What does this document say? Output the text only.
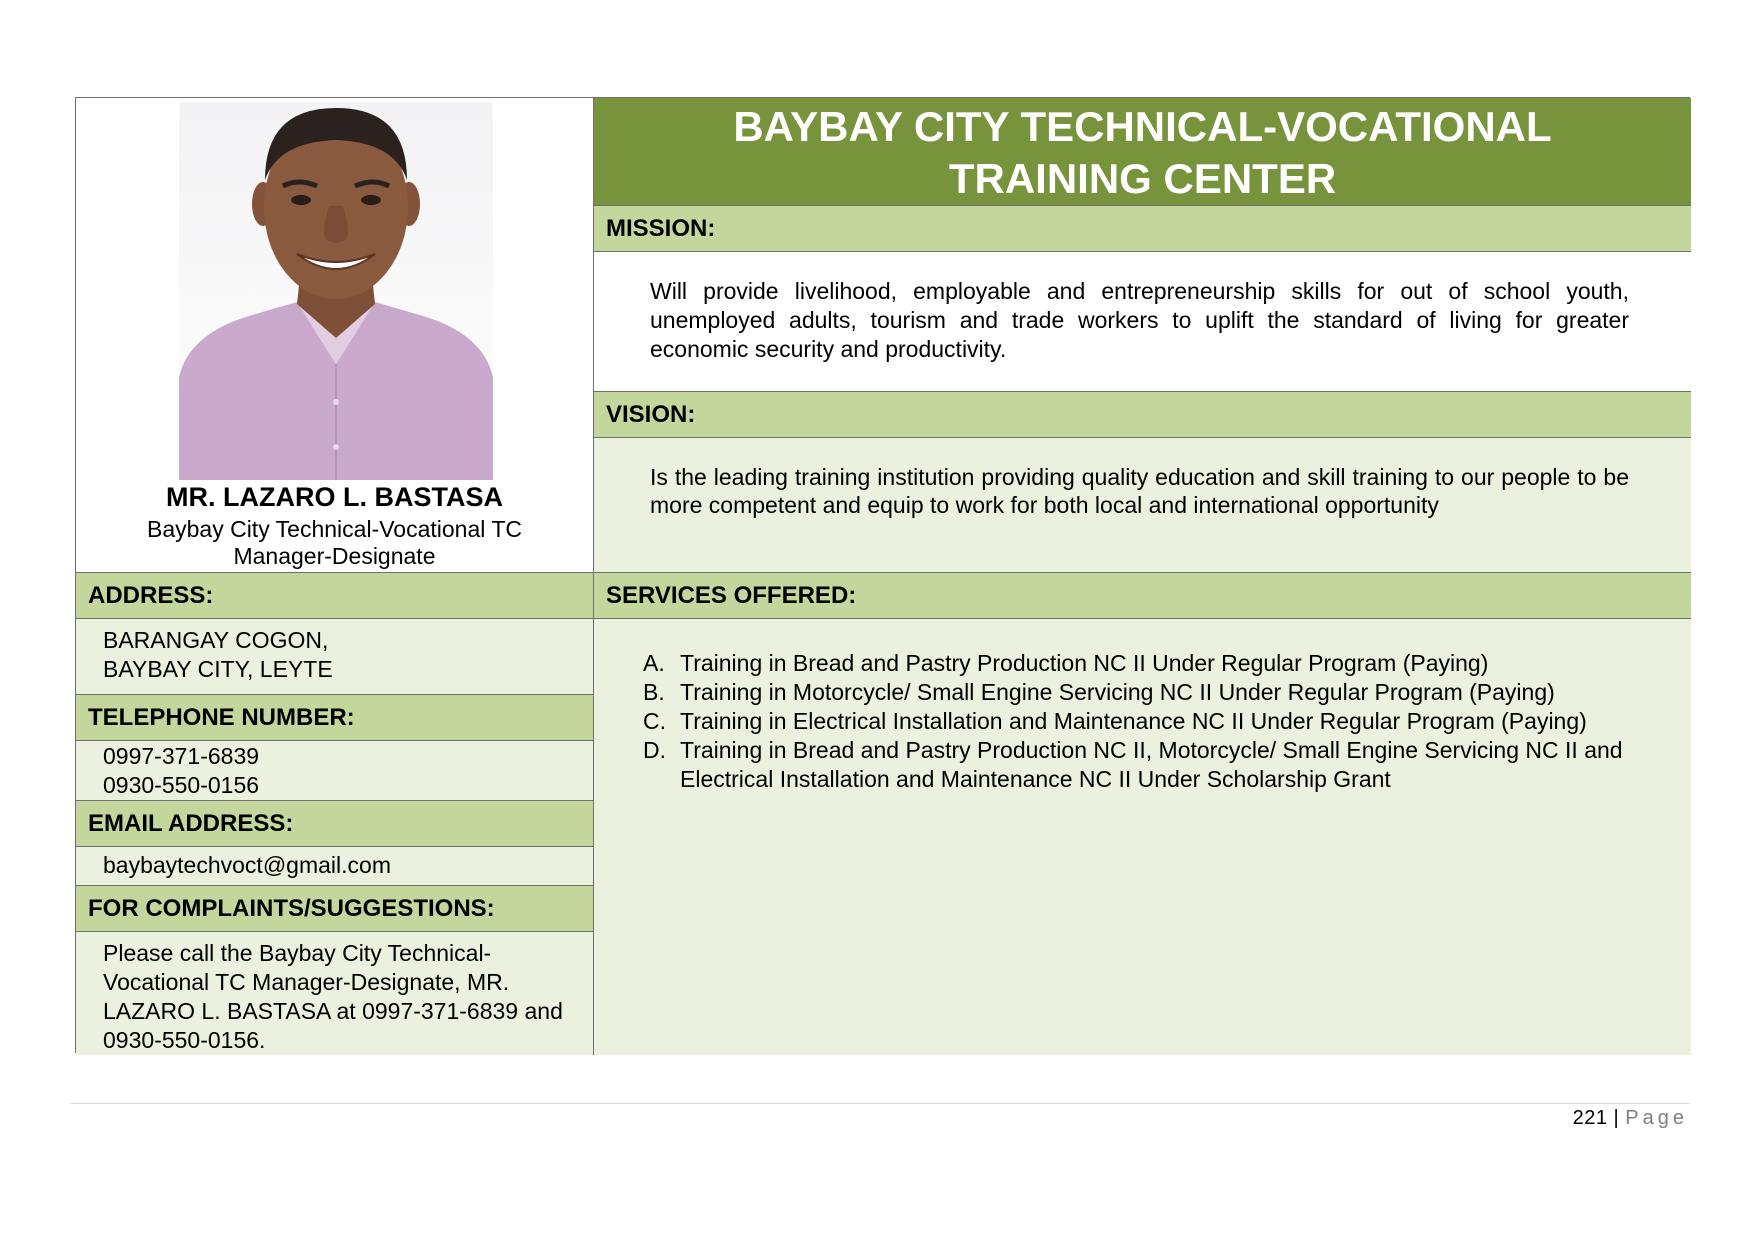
MR. LAZARO L. BASTASA
Baybay City Technical-Vocational TC
Manager-Designate
ADDRESS:
BARANGAY COGON,
BAYBAY CITY, LEYTE
TELEPHONE NUMBER:
0997-371-6839
0930-550-0156
EMAIL ADDRESS:
baybaytechvoct@gmail.com
FOR COMPLAINTS/SUGGESTIONS:
Please call the Baybay City Technical-Vocational TC Manager-Designate, MR. LAZARO L. BASTASA at 0997-371-6839 and 0930-550-0156.
BAYBAY CITY TECHNICAL-VOCATIONAL
TRAINING CENTER
MISSION:
Will provide livelihood, employable and entrepreneurship skills for out of school youth, unemployed adults, tourism and trade workers to uplift the standard of living for greater economic security and productivity.
VISION:
Is the leading training institution providing quality education and skill training to our people to be more competent and equip to work for both local and international opportunity
SERVICES OFFERED:
A. Training in Bread and Pastry Production NC II Under Regular Program (Paying)
B. Training in Motorcycle/ Small Engine Servicing NC II Under Regular Program (Paying)
C. Training in Electrical Installation and Maintenance NC II Under Regular Program (Paying)
D. Training in Bread and Pastry Production NC II, Motorcycle/ Small Engine Servicing NC II and Electrical Installation and Maintenance NC II Under Scholarship Grant
221 | Page
